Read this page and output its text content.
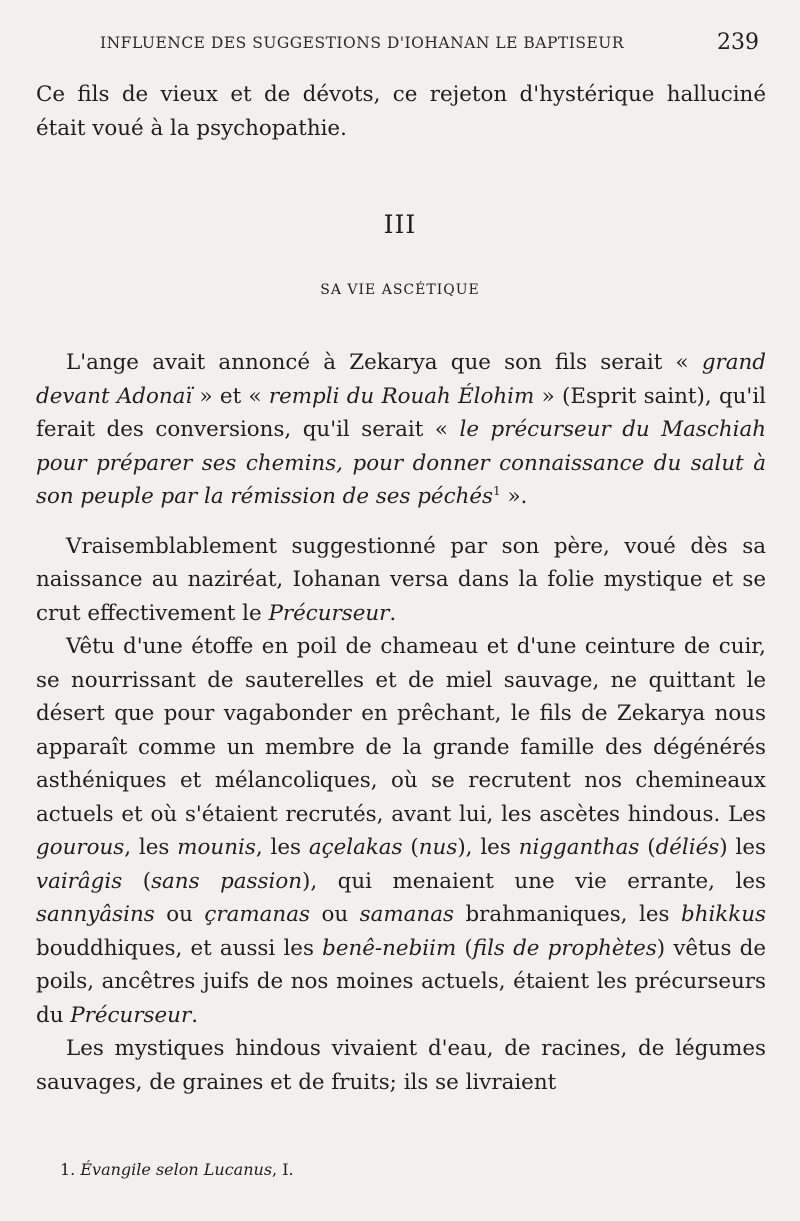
INFLUENCE DES SUGGESTIONS D'IOHANAN LE BAPTISEUR	239

Ce fils de vieux et de dévots, ce rejeton d'hystérique halluciné était voué à la psychopathie.

III
SA VIE ASCÉTIQUE

L'ange avait annoncé à Zekarya que son fils serait « grand devant Adonaï » et « rempli du Rouah Élohim » (Esprit saint), qu'il ferait des conversions, qu'il serait « le précurseur du Maschiah pour préparer ses chemins, pour donner connaissance du salut à son peuple par la rémission de ses péchés$^1$ ».

Vraisemblablement suggestionné par son père, voué dès sa naissance au naziréat, Iohanan versa dans la folie mystique et se crut effectivement le Précurseur.

Vêtu d'une étoffe en poil de chameau et d'une ceinture de cuir, se nourrissant de sauterelles et de miel sauvage, ne quittant le désert que pour vagabonder en prêchant, le fils de Zekarya nous apparaît comme un membre de la grande famille des dégénérés asthéniques et mélancoliques, où se recrutent nos chemineaux actuels et où s'étaient recrutés, avant lui, les ascètes hindous. Les gourous, les mounis, les açelakas (nus), les nigganthas (déliés) les vairâgis (sans passion), qui menaient une vie errante, les sannyâsins ou çramanas ou samanas brahmaniques, les bhikkus bouddhiques, et aussi les benê-nebiim (fils de prophètes) vêtus de poils, ancêtres juifs de nos moines actuels, étaient les précurseurs du Précurseur.

Les mystiques hindous vivaient d'eau, de racines, de légumes sauvages, de graines et de fruits; ils se livraient

1. Évangile selon Lucanus, I.
